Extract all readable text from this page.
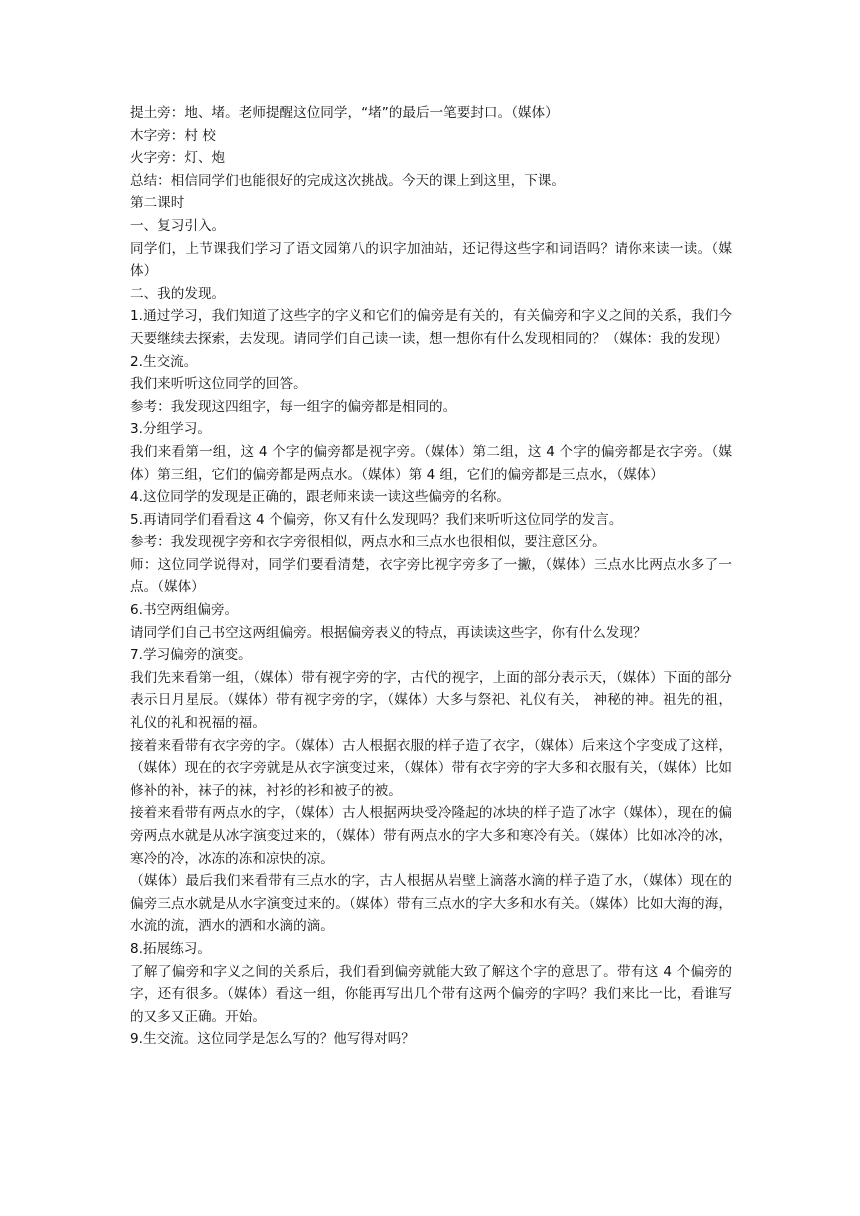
提土旁：地、堵。老师提醒这位同学，“堵”的最后一笔要封口。（媒体）

木字旁：村 校

火字旁：灯、炮

总结：相信同学们也能很好的完成这次挑战。今天的课上到这里，下课。

第二课时

一、复习引入。

同学们，上节课我们学习了语文园第八的识字加油站，还记得这些字和词语吗？请你来读一读。（媒体）

二、我的发现。

1.通过学习，我们知道了这些字的字义和它们的偏旁是有关的，有关偏旁和字义之间的关系，我们今天要继续去探索，去发现。请同学们自己读一读，想一想你有什么发现相同的？（媒体：我的发现）

2.生交流。

我们来听听这位同学的回答。

参考：我发现这四组字，每一组字的偏旁都是相同的。

3.分组学习。

我们来看第一组，这 4 个字的偏旁都是视字旁。（媒体）第二组，这 4 个字的偏旁都是衣字旁。（媒体）第三组，它们的偏旁都是两点水。（媒体）第 4 组，它们的偏旁都是三点水，（媒体）

4.这位同学的发现是正确的，跟老师来读一读这些偏旁的名称。

5.再请同学们看看这 4 个偏旁，你又有什么发现吗？我们来听听这位同学的发言。

参考：我发现视字旁和衣字旁很相似，两点水和三点水也很相似，要注意区分。

师：这位同学说得对，同学们要看清楚，衣字旁比视字旁多了一撇，（媒体）三点水比两点水多了一点。（媒体）

6.书空两组偏旁。

请同学们自己书空这两组偏旁。根据偏旁表义的特点，再读读这些字，你有什么发现？

7.学习偏旁的演变。

我们先来看第一组，（媒体）带有视字旁的字，古代的视字，上面的部分表示天，（媒体）下面的部分表示日月星辰。（媒体）带有视字旁的字，（媒体）大多与祭祀、礼仪有关， 神秘的神。祖先的祖，礼仪的礼和祝福的福。

接着来看带有衣字旁的字。（媒体）古人根据衣服的样子造了衣字，（媒体）后来这个字变成了这样，（媒体）现在的衣字旁就是从衣字演变过来，（媒体）带有衣字旁的字大多和衣服有关，（媒体）比如修补的补，袜子的袜，衬衫的衫和被子的被。

接着来看带有两点水的字，（媒体）古人根据两块受冷隆起的冰块的样子造了冰字（媒体），现在的偏旁两点水就是从冰字演变过来的，（媒体）带有两点水的字大多和寒冷有关。（媒体）比如冰冷的冰，寒冷的冷，冰冻的冻和凉快的凉。

（媒体）最后我们来看带有三点水的字，古人根据从岩壁上滴落水滴的样子造了水，（媒体）现在的偏旁三点水就是从水字演变过来的。（媒体）带有三点水的字大多和水有关。（媒体）比如大海的海，水流的流，洒水的洒和水滴的滴。

8.拓展练习。

了解了偏旁和字义之间的关系后，我们看到偏旁就能大致了解这个字的意思了。带有这 4 个偏旁的字，还有很多。（媒体）看这一组，你能再写出几个带有这两个偏旁的字吗？我们来比一比，看谁写的又多又正确。开始。

9.生交流。这位同学是怎么写的？他写得对吗？
